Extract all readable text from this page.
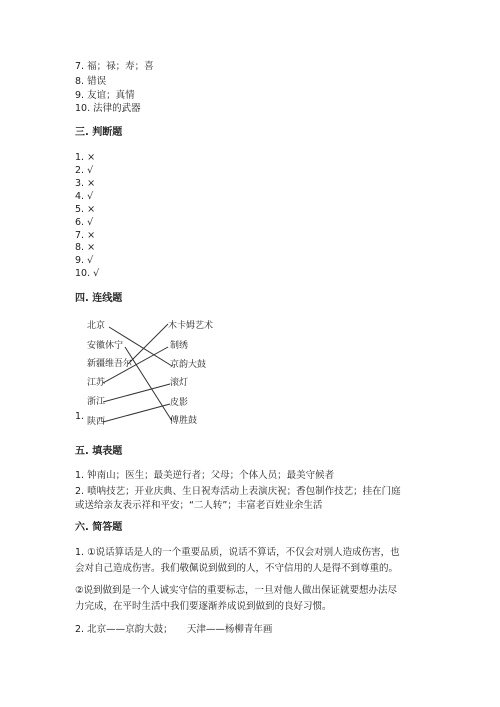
7. 福；禄；寿；喜
8. 错误
9. 友谊；真情
10. 法律的武器
三. 判断题
1. ×
2. √
3. ×
4. √
5. ×
6. √
7. ×
8. ×
9. √
10. √
四. 连线题
北京
安徽休宁
新疆维吾尔
江苏
浙江
陕西
木卡姆艺术
制绣
京韵大鼓
滚灯
皮影
傅胜鼓
1.
五. 填表题
1. 钟南山；医生；最美逆行者；父母；个体人员；最美守候者
2. 喷呐技艺；开业庆典、生日祝寿活动上表演庆祝；香包制作技艺；挂在门庭
或送给亲友表示祥和平安；“二人转”；丰富老百姓业余生活
六. 简答题
1. ①说话算话是人的一个重要品质，说话不算话，不仅会对别人造成伤害，也
会对自己造成伤害。我们敬佩说到做到的人，不守信用的人是得不到尊重的。
②说到做到是一个人诚实守信的重要标志，一旦对他人做出保证就要想办法尽
力完成，在平时生活中我们要逐渐养成说到做到的良好习惯。
2. 北京——京韵大鼓；　　天津——杨柳青年画
